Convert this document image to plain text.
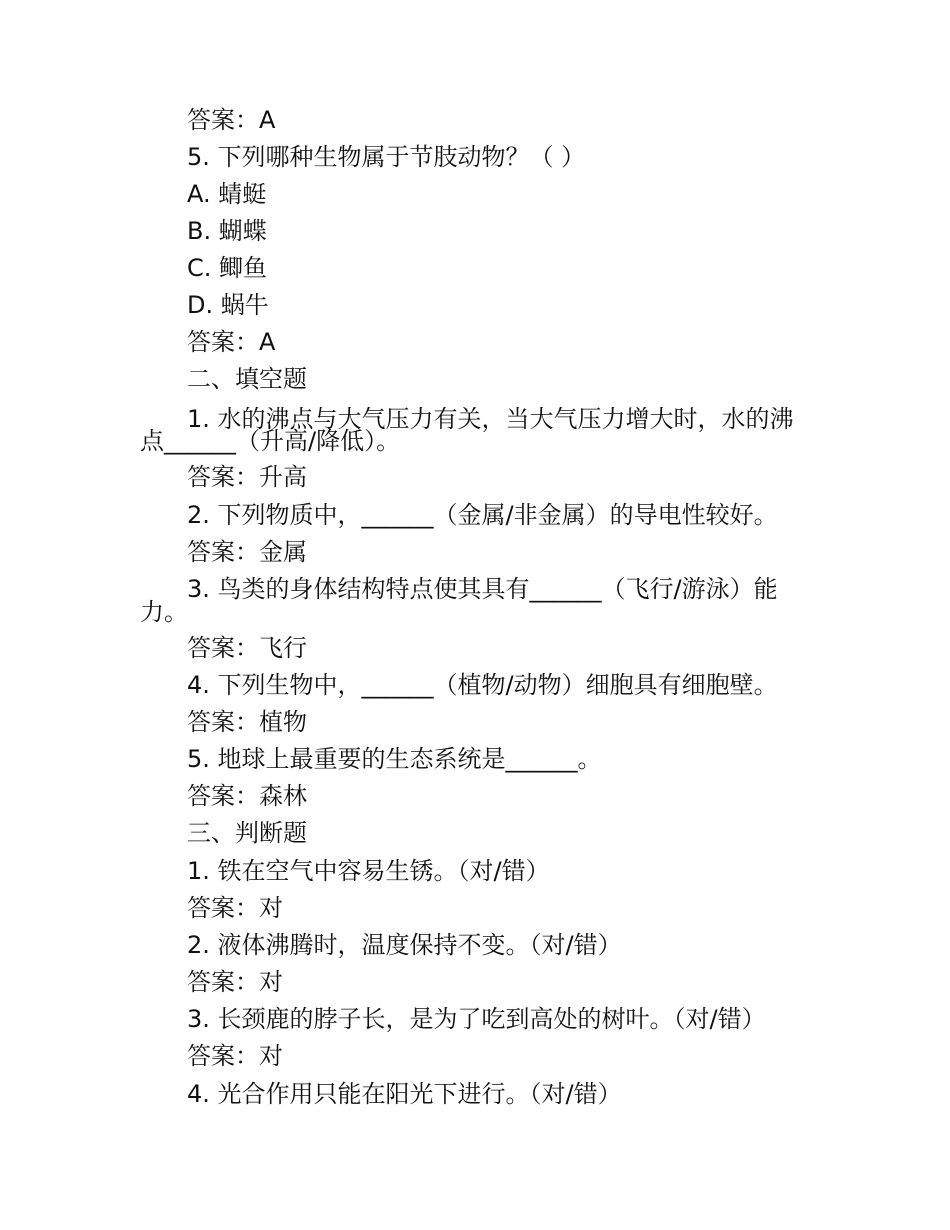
答案：A
5. 下列哪种生物属于节肢动物？（ ）
A. 蜻蜓
B. 蝴蝶
C. 鲫鱼
D. 蜗牛
答案：A
二、填空题
1. 水的沸点与大气压力有关，当大气压力增大时，水的沸
点______（升高/降低）。
答案：升高
2. 下列物质中，______（金属/非金属）的导电性较好。
答案：金属
3. 鸟类的身体结构特点使其具有______（飞行/游泳）能
力。
答案：飞行
4. 下列生物中，______（植物/动物）细胞具有细胞壁。
答案：植物
5. 地球上最重要的生态系统是______。
答案：森林
三、判断题
1. 铁在空气中容易生锈。（对/错）
答案：对
2. 液体沸腾时，温度保持不变。（对/错）
答案：对
3. 长颈鹿的脖子长，是为了吃到高处的树叶。（对/错）
答案：对
4. 光合作用只能在阳光下进行。（对/错）
